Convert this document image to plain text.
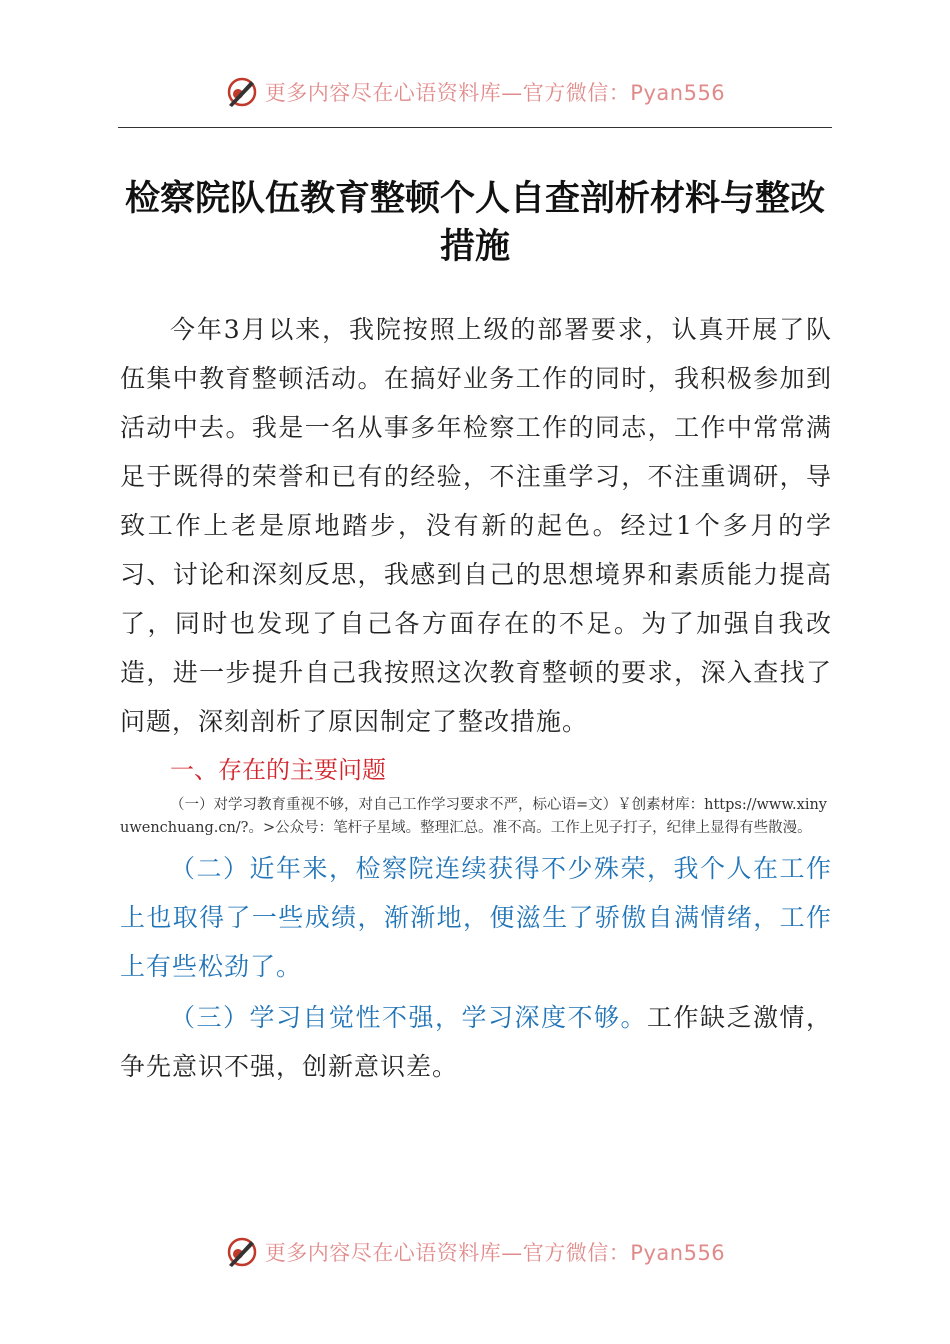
更多内容尽在心语资料库—官方微信：Pyan556
检察院队伍教育整顿个人自查剖析材料与整改措施

今年3月以来，我院按照上级的部署要求，认真开展了队伍集中教育整顿活动。在搞好业务工作的同时，我积极参加到活动中去。我是一名从事多年检察工作的同志，工作中常常满足于既得的荣誉和已有的经验，不注重学习，不注重调研，导致工作上老是原地踏步，没有新的起色。经过1个多月的学习、讨论和深刻反思，我感到自己的思想境界和素质能力提高了，同时也发现了自己各方面存在的不足。为了加强自我改造，进一步提升自己我按照这次教育整顿的要求，深入查找了问题，深刻剖析了原因制定了整改措施。

一、存在的主要问题

（一）对学习教育重视不够，对自己工作学习要求不严，标心语=文）￥创素材库：https://www.xinyuwenchuang.cn/?。>公众号：笔杆子星域。整理汇总。准不高。工作上见子打子，纪律上显得有些散漫。

（二）近年来，检察院连续获得不少殊荣，我个人在工作上也取得了一些成绩，渐渐地，便滋生了骄傲自满情绪，工作上有些松劲了。

（三）学习自觉性不强，学习深度不够。工作缺乏激情，争先意识不强，创新意识差。

更多内容尽在心语资料库—官方微信：Pyan556
